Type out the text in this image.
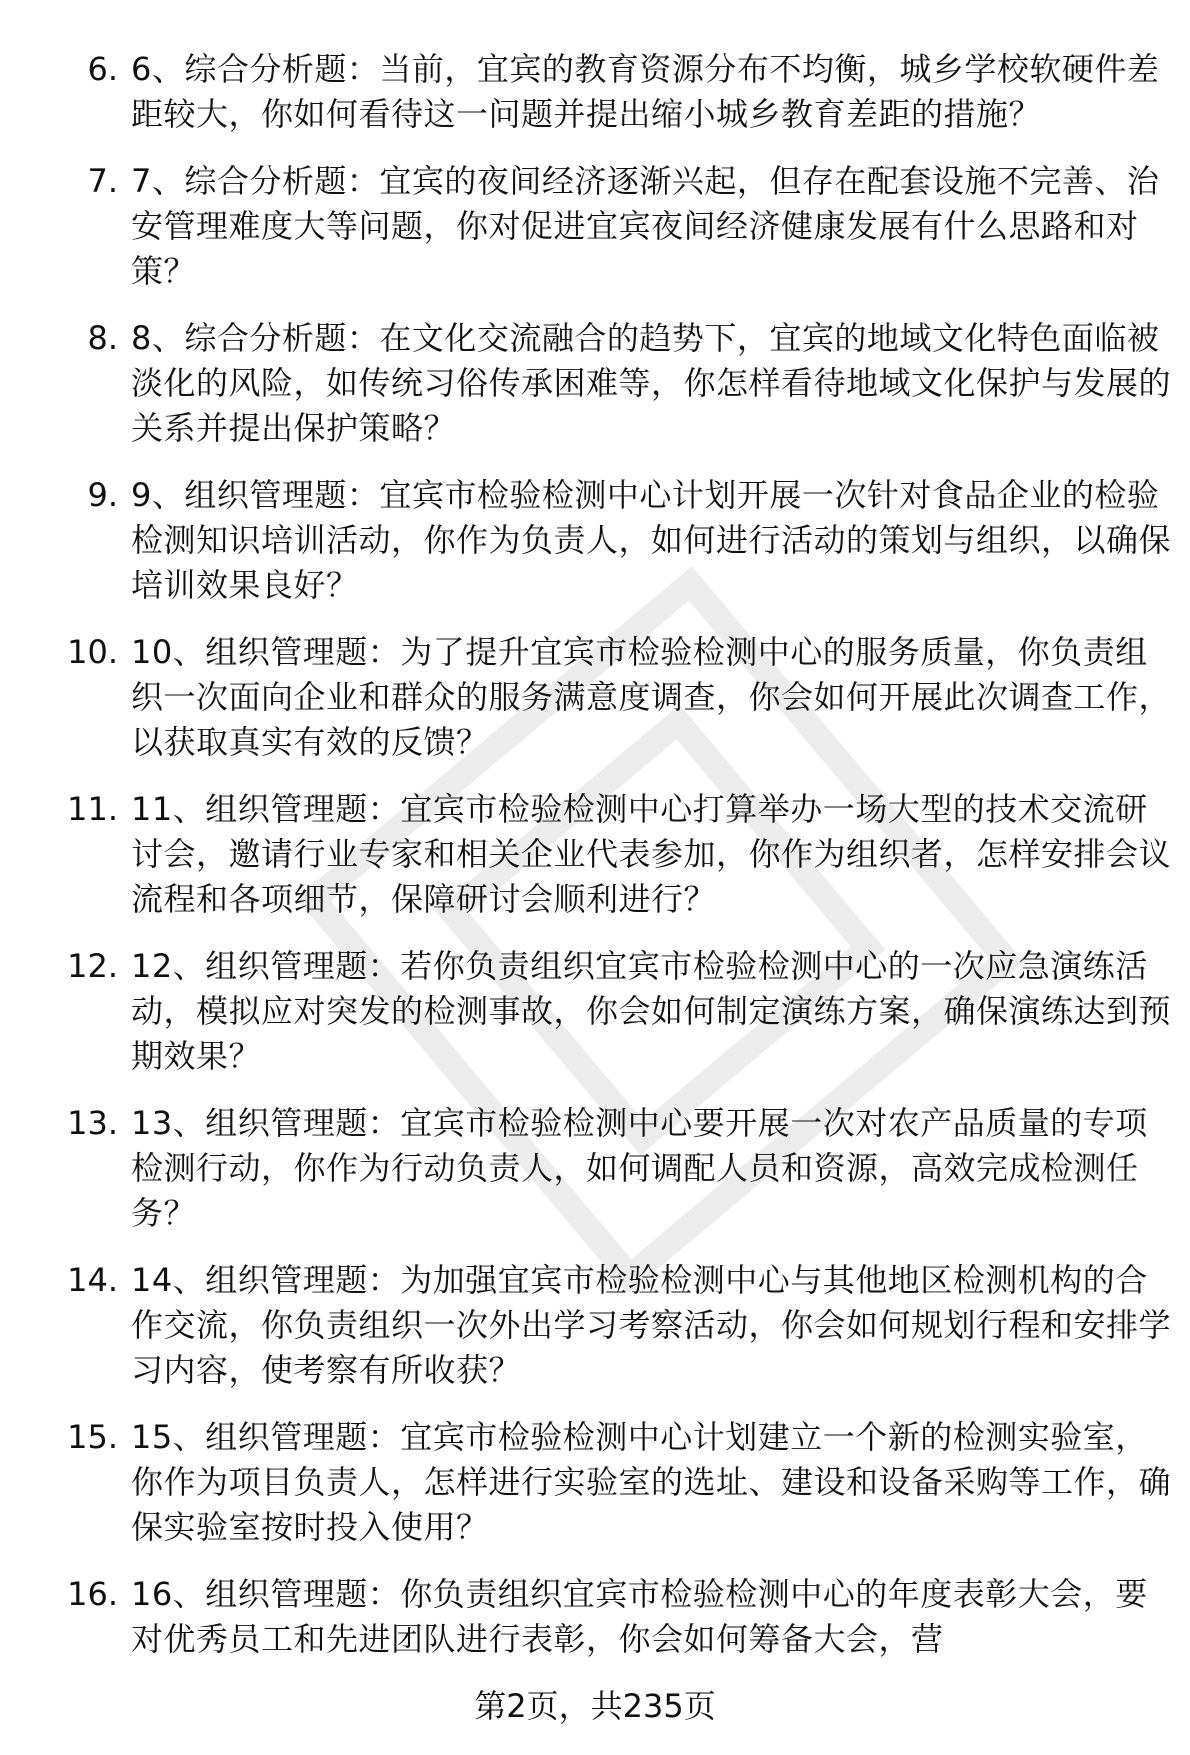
6. 6、综合分析题：当前，宜宾的教育资源分布不均衡，城乡学校软硬件差距较大，你如何看待这一问题并提出缩小城乡教育差距的措施？
7. 7、综合分析题：宜宾的夜间经济逐渐兴起，但存在配套设施不完善、治安管理难度大等问题，你对促进宜宾夜间经济健康发展有什么思路和对策？
8. 8、综合分析题：在文化交流融合的趋势下，宜宾的地域文化特色面临被淡化的风险，如传统习俗传承困难等，你怎样看待地域文化保护与发展的关系并提出保护策略？
9. 9、组织管理题：宜宾市检验检测中心计划开展一次针对食品企业的检验检测知识培训活动，你作为负责人，如何进行活动的策划与组织，以确保培训效果良好？
10. 10、组织管理题：为了提升宜宾市检验检测中心的服务质量，你负责组织一次面向企业和群众的服务满意度调查，你会如何开展此次调查工作，以获取真实有效的反馈？
11. 11、组织管理题：宜宾市检验检测中心打算举办一场大型的技术交流研讨会，邀请行业专家和相关企业代表参加，你作为组织者，怎样安排会议流程和各项细节，保障研讨会顺利进行？
12. 12、组织管理题：若你负责组织宜宾市检验检测中心的一次应急演练活动，模拟应对突发的检测事故，你会如何制定演练方案，确保演练达到预期效果？
13. 13、组织管理题：宜宾市检验检测中心要开展一次对农产品质量的专项检测行动，你作为行动负责人，如何调配人员和资源，高效完成检测任务？
14. 14、组织管理题：为加强宜宾市检验检测中心与其他地区检测机构的合作交流，你负责组织一次外出学习考察活动，你会如何规划行程和安排学习内容，使考察有所收获？
15. 15、组织管理题：宜宾市检验检测中心计划建立一个新的检测实验室，你作为项目负责人，怎样进行实验室的选址、建设和设备采购等工作，确保实验室按时投入使用？
16. 16、组织管理题：你负责组织宜宾市检验检测中心的年度表彰大会，要对优秀员工和先进团队进行表彰，你会如何筹备大会，营
第2页，共235页
